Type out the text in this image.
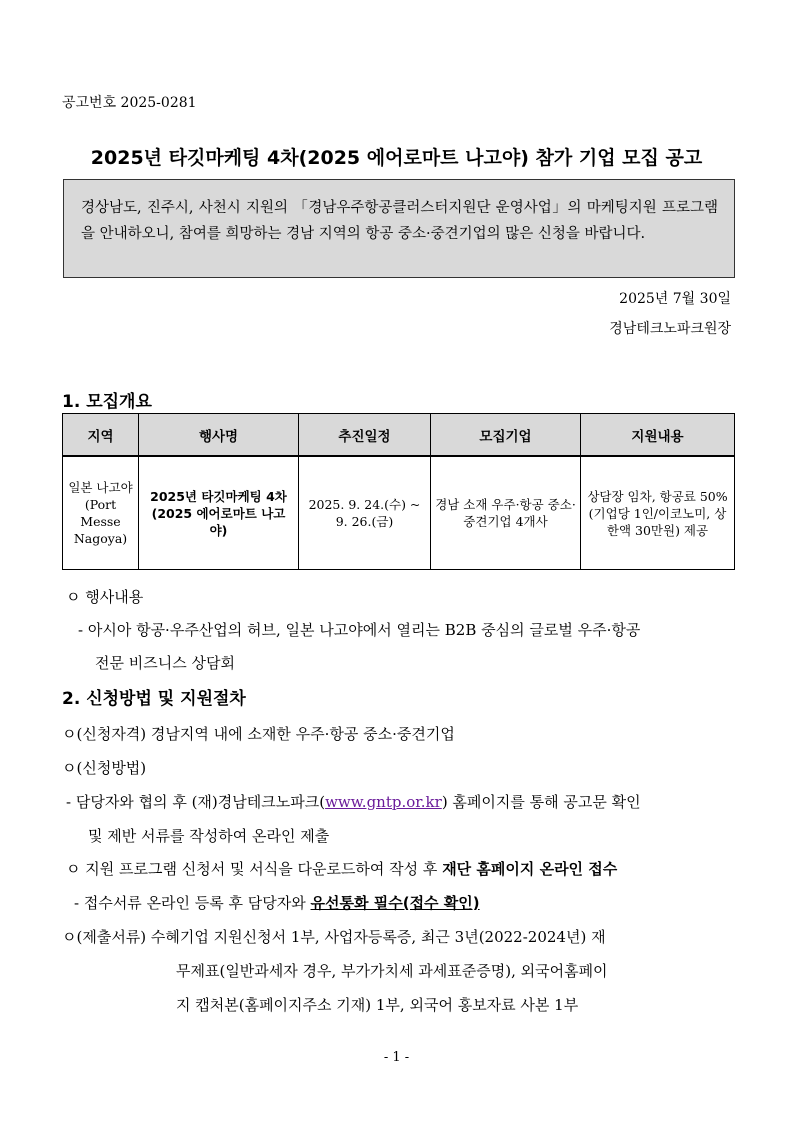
공고번호 2025-0281
2025년 타깃마케팅 4차(2025 에어로마트 나고야) 참가 기업 모집 공고
경상남도, 진주시, 사천시 지원의 「경남우주항공클러스터지원단 운영사업」의 마케팅지원 프로그램을 안내하오니, 참여를 희망하는 경남 지역의 항공 중소·중견기업의 많은 신청을 바랍니다.
2025년 7월 30일
경남테크노파크원장
1. 모집개요
지역	행사명	추진일정	모집기업	지원내용
일본 나고야 (Port Messe Nagoya)	2025년 타깃마케팅 4차 (2025 에어로마트 나고야)	2025. 9. 24.(수) ~ 9. 26.(금)	경남 소재 우주·항공 중소·중견기업 4개사	상담장 임차, 항공료 50%(기업당 1인/이코노미, 상한액 30만원) 제공
ㅇ 행사내용
- 아시아 항공·우주산업의 허브, 일본 나고야에서 열리는 B2B 중심의 글로벌 우주·항공
전문 비즈니스 상담회
2. 신청방법 및 지원절차
ㅇ(신청자격) 경남지역 내에 소재한 우주·항공 중소·중견기업
ㅇ(신청방법)
- 담당자와 협의 후 (재)경남테크노파크(www.gntp.or.kr) 홈페이지를 통해 공고문 확인
및 제반 서류를 작성하여 온라인 제출
ㅇ 지원 프로그램 신청서 및 서식을 다운로드하여 작성 후 재단 홈페이지 온라인 접수
- 접수서류 온라인 등록 후 담당자와 유선통화 필수(접수 확인)
ㅇ(제출서류) 수혜기업 지원신청서 1부, 사업자등록증, 최근 3년(2022-2024년) 재
무제표(일반과세자 경우, 부가가치세 과세표준증명), 외국어홈페이
지 캡처본(홈페이지주소 기재) 1부, 외국어 홍보자료 사본 1부
- 1 -
